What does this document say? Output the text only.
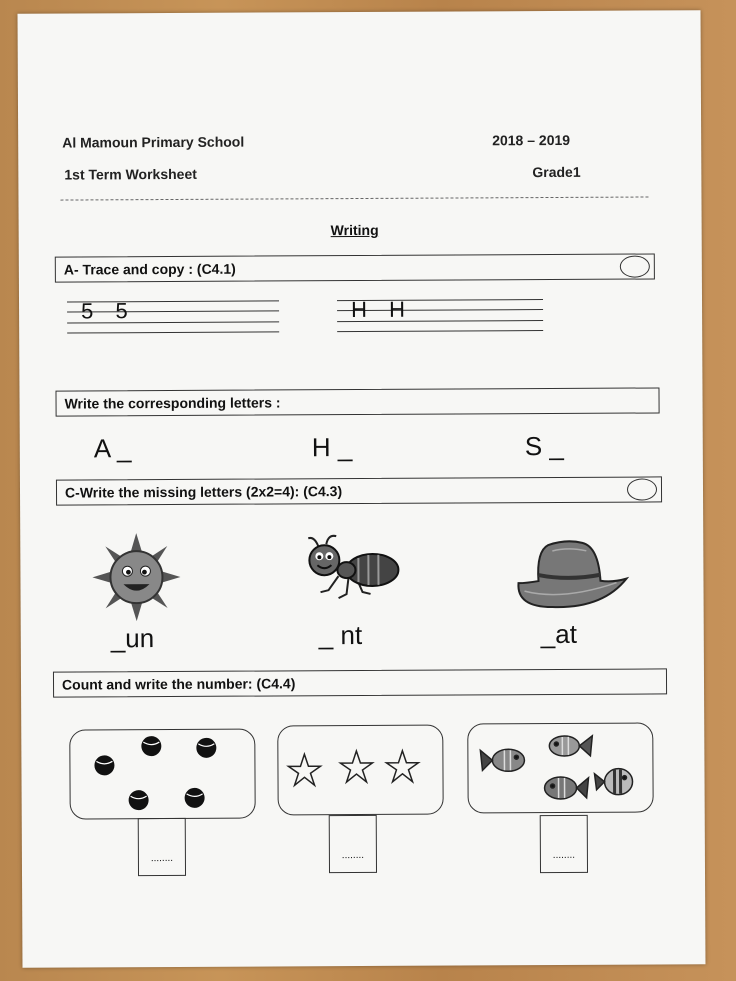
Al Mamoun Primary School	2018 – 2019
1st Term Worksheet	Grade1
Writing
A- Trace and copy : (C4.1)
5 5	H H
Write the corresponding letters :
A _	H _	S _
C-Write the missing letters (2x2=4): (C4.3)
_un	_ nt	_at
Count and write the number: (C4.4)
........	........	........
